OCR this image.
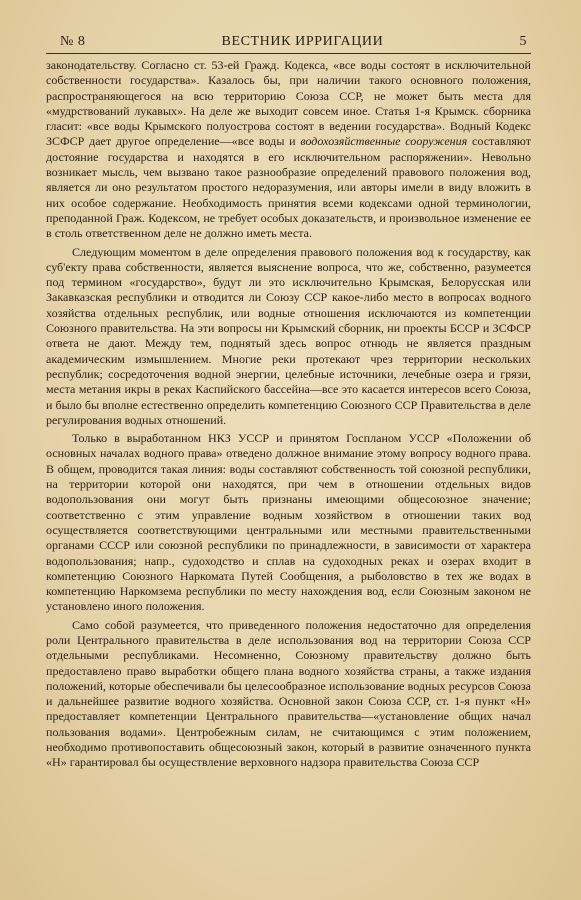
№ 8	ВЕСТНИК ИРРИГАЦИИ	5

законодательству. Согласно ст. 53-ей Гражд. Кодекса, «все воды состоят в исключительной собственности государства». Казалось бы, при наличии такого основного положения, распространяющегося на всю территорию Союза ССР, не может быть места для «мудрствований лукавых». На деле же выходит совсем иное. Статья 1-я Крымск. сборника гласит: «все воды Крымского полуострова состоят в ведении государства». Водный Кодекс ЗСФСР дает другое определение—«все воды и водохозяйственные сооружения составляют достояние государства и находятся в его исключительном распоряжении». Невольно возникает мысль, чем вызвано такое разнообразие определений правового положения вод, является ли оно результатом простого недоразумения, или авторы имели в виду вложить в них особое содержание. Необходимость принятия всеми кодексами одной терминологии, преподанной Граж. Кодексом, не требует особых доказательств, и произвольное изменение ее в столь ответственном деле не должно иметь места.

Следующим моментом в деле определения правового положения вод к государству, как суб'екту права собственности, является выяснение вопроса, что же, собственно, разумеется под термином «государство», будут ли это исключительно Крымская, Белорусская или Закавказская республики и отводится ли Союзу ССР какое-либо место в вопросах водного хозяйства отдельных республик, или водные отношения исключаются из компетенции Союзного правительства. На эти вопросы ни Крымский сборник, ни проекты БССР и ЗСФСР ответа не дают. Между тем, поднятый здесь вопрос отнюдь не является праздным академическим измышлением. Многие реки протекают чрез территории нескольких республик; сосредоточения водной энергии, целебные источники, лечебные озера и грязи, места метания икры в реках Каспийского бассейна—все это касается интересов всего Союза, и было бы вполне естественно определить компетенцию Союзного ССР Правительства в деле регулирования водных отношений.

Только в выработанном НКЗ УССР и принятом Госпланом УССР «Положении об основных началах водного права» отведено должное внимание этому вопросу водного права. В общем, проводится такая линия: воды составляют собственность той союзной республики, на территории которой они находятся, при чем в отношении отдельных видов водопользования они могут быть признаны имеющими общесоюзное значение; соответственно с этим управление водным хозяйством в отношении таких вод осуществляется соответствующими центральными или местными правительственными органами СССР или союзной республики по принадлежности, в зависимости от характера водопользования; напр., судоходство и сплав на судоходных реках и озерах входит в компетенцию Союзного Наркомата Путей Сообщения, а рыболовство в тех же водах в компетенцию Наркомзема республики по месту нахождения вод, если Союзным законом не установлено иного положения.

Само собой разумеется, что приведенного положения недостаточно для определения роли Центрального правительства в деле использования вод на территории Союза ССР отдельными республиками. Несомненно, Союзному правительству должно быть предоставлено право выработки общего плана водного хозяйства страны, а также издания положений, которые обеспечивали бы целесообразное использование водных ресурсов Союза и дальнейшее развитие водного хозяйства. Основной закон Союза ССР, ст. 1-я пункт «Н» предоставляет компетенции Центрального правительства—«установление общих начал пользования водами». Центробежным силам, не считающимся с этим положением, необходимо противопоставить общесоюзный закон, который в развитие означенного пункта «Н» гарантировал бы осуществление верховного надзора правительства Союза ССР
